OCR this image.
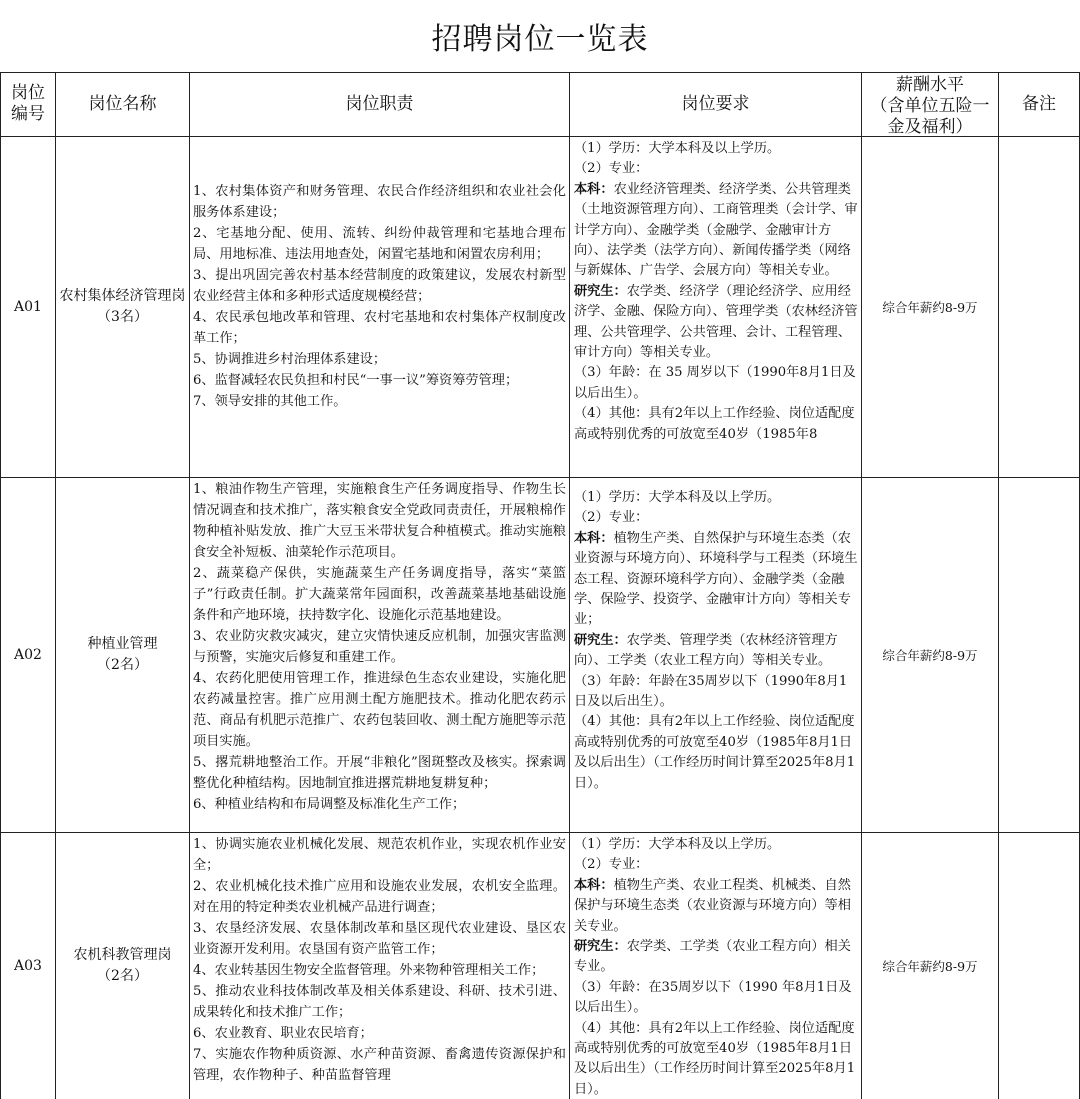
招聘岗位一览表
岗位
编号
岗位名称	岗位职责	岗位要求
薪酬水平
（含单位五险一
金及福利）
备注
A01
农村集体经济管理岗
（3名）
1、农村集体资产和财务管理、农民合作经济组织和农业社会化服务体系建设；
2、宅基地分配、使用、流转、纠纷仲裁管理和宅基地合理布局、用地标准、违法用地查处，闲置宅基地和闲置农房利用；
3、提出巩固完善农村基本经营制度的政策建议，发展农村新型农业经营主体和多种形式适度规模经营；
4、农民承包地改革和管理、农村宅基地和农村集体产权制度改革工作；
5、协调推进乡村治理体系建设；
6、监督减轻农民负担和村民“一事一议”筹资筹劳管理；
7、领导安排的其他工作。

（1）学历：大学本科及以上学历。

（2）专业：

本科：农业经济管理类、经济学类、公共管理类（土地资源管理方向）、工商管理类（会计学、审计学方向）、金融学类（金融学、金融审计方向）、法学类（法学方向）、新闻传播学类（网络与新媒体、广告学、会展方向）等相关专业。

研究生：农学类、经济学（理论经济学、应用经济学、金融、保险方向）、管理学类（农林经济管理、公共管理学、公共管理、会计、工程管理、审计方向）等相关专业。

（3）年龄：在 35 周岁以下（1990年8月1日及以后出生）。

（4）其他：具有2年以上工作经验、岗位适配度高或特别优秀的可放宽至40岁（1985年8

综合年薪约8-9万
A02
种植业管理
（2名）
1、粮油作物生产管理，实施粮食生产任务调度指导、作物生长情况调查和技术推广，落实粮食安全党政同责责任，开展粮棉作物种植补贴发放、推广大豆玉米带状复合种植模式。推动实施粮食安全补短板、油菜轮作示范项目。
2、蔬菜稳产保供，实施蔬菜生产任务调度指导，落实“菜篮子”行政责任制。扩大蔬菜常年园面积，改善蔬菜基地基础设施条件和产地环境，扶持数字化、设施化示范基地建设。
3、农业防灾救灾减灾，建立灾情快速反应机制，加强灾害监测与预警，实施灾后修复和重建工作。
4、农药化肥使用管理工作，推进绿色生态农业建设，实施化肥农药减量控害。推广应用测土配方施肥技术。推动化肥农药示范、商品有机肥示范推广、农药包装回收、测土配方施肥等示范项目实施。
5、撂荒耕地整治工作。开展“非粮化”图斑整改及核实。探索调整优化种植结构。因地制宜推进撂荒耕地复耕复种；
6、种植业结构和布局调整及标准化生产工作；

（1）学历：大学本科及以上学历。

（2）专业：

本科：植物生产类、自然保护与环境生态类（农业资源与环境方向）、环境科学与工程类（环境生态工程、资源环境科学方向）、金融学类（金融学、保险学、投资学、金融审计方向）等相关专业；

研究生：农学类、管理学类（农林经济管理方向）、工学类（农业工程方向）等相关专业。

（3）年龄：年龄在35周岁以下（1990年8月1日及以后出生）。

（4）其他：具有2年以上工作经验、岗位适配度高或特别优秀的可放宽至40岁（1985年8月1日及以后出生）（工作经历时间计算至2025年8月1日）。

综合年薪约8-9万
A03
农机科教管理岗
（2名）
1、协调实施农业机械化发展、规范农机作业，实现农机作业安全；
2、农业机械化技术推广应用和设施农业发展，农机安全监理。对在用的特定种类农业机械产品进行调查；
3、农垦经济发展、农垦体制改革和垦区现代农业建设、垦区农业资源开发利用。农垦国有资产监管工作；
4、农业转基因生物安全监督管理。外来物种管理相关工作；
5、推动农业科技体制改革及相关体系建设、科研、技术引进、成果转化和技术推广工作；
6、农业教育、职业农民培育；
7、实施农作物种质资源、水产种苗资源、畜禽遗传资源保护和管理，农作物种子、种苗监督管理

（1）学历：大学本科及以上学历。

（2）专业：

本科：植物生产类、农业工程类、机械类、自然保护与环境生态类（农业资源与环境方向）等相关专业。

研究生：农学类、工学类（农业工程方向）相关专业。

（3）年龄：在35周岁以下（1990 年8月1日及以后出生）。

（4）其他：具有2年以上工作经验、岗位适配度高或特别优秀的可放宽至40岁（1985年8月1日及以后出生）（工作经历时间计算至2025年8月1日）。

综合年薪约8-9万
